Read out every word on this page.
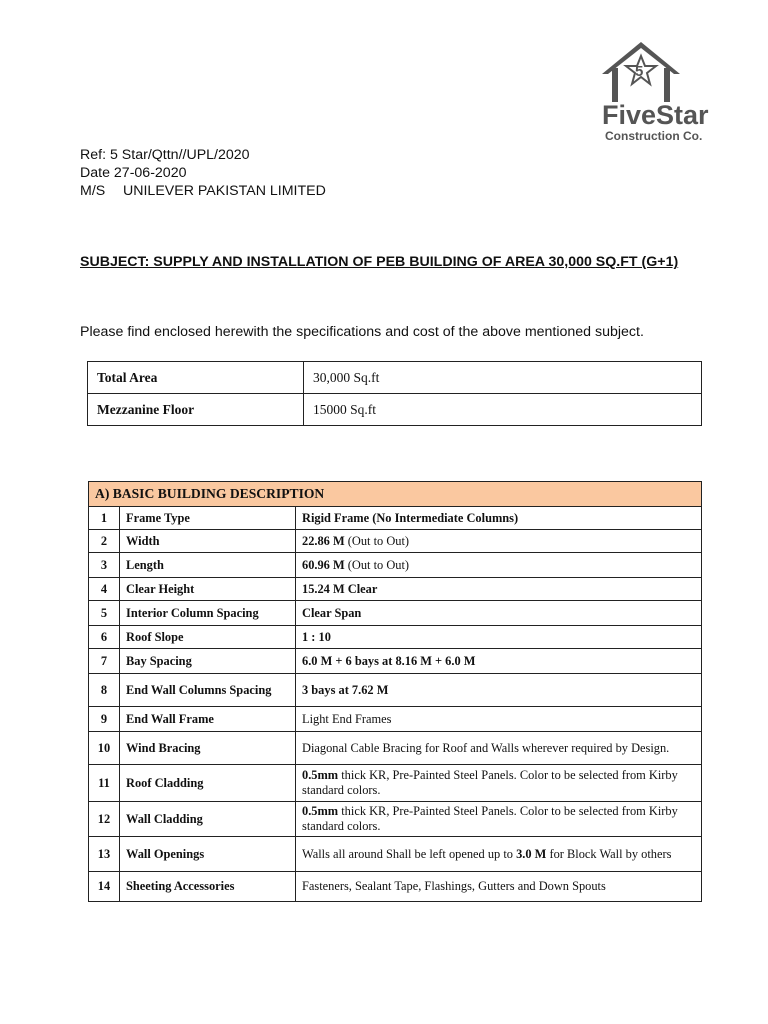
5
FiveStar
Construction Co.
Ref: 5 Star/Qttn//UPL/2020
Date 27-06-2020
M/S UNILEVER PAKISTAN LIMITED
SUBJECT: SUPPLY AND INSTALLATION OF PEB BUILDING OF AREA 30,000 SQ.FT (G+1)
Please find enclosed herewith the specifications and cost of the above mentioned subject.
Total Area	30,000 Sq.ft
Mezzanine Floor	15000 Sq.ft
A) BASIC BUILDING DESCRIPTION		
1	Frame Type	Rigid Frame (No Intermediate Columns)
2	Width	22.86 M (Out to Out)
3	Length	60.96 M (Out to Out)
4	Clear Height	15.24 M Clear
5	Interior Column Spacing	Clear Span
6	Roof Slope	1 : 10
7	Bay Spacing	6.0 M + 6 bays at 8.16 M + 6.0 M
8	End Wall Columns Spacing	3 bays at 7.62 M
9	End Wall Frame	Light End Frames
10	Wind Bracing	Diagonal Cable Bracing for Roof and Walls wherever required by Design.
11	Roof Cladding	0.5mm thick KR, Pre-Painted Steel Panels. Color to be selected from Kirby standard colors.
12	Wall Cladding	0.5mm thick KR, Pre-Painted Steel Panels. Color to be selected from Kirby standard colors.
13	Wall Openings	Walls all around Shall be left opened up to 3.0 M for Block Wall by others
14	Sheeting Accessories	Fasteners, Sealant Tape, Flashings, Gutters and Down Spouts
